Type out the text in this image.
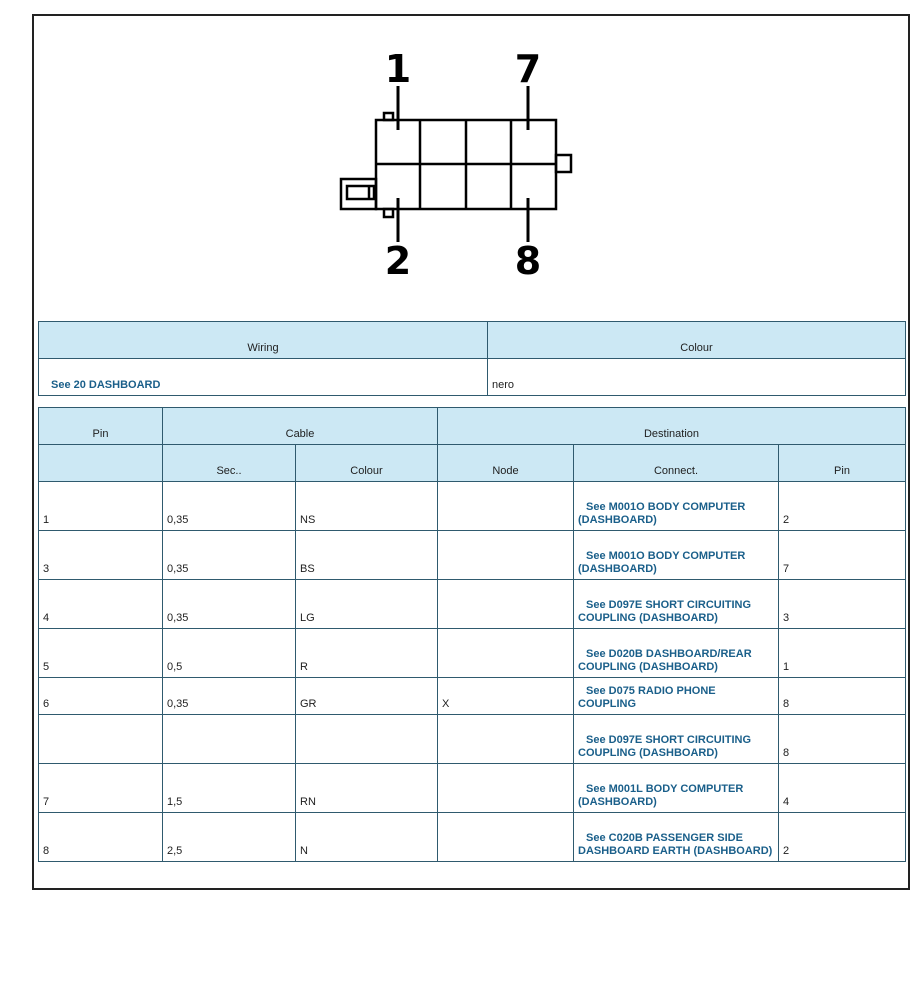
1	7
2	8
Wiring	Colour
See 20 DASHBOARD	nero
Pin	Cable		Destination		
	Sec..	Colour	Node	Connect.	Pin
1	0,35	NS		See M001O BODY COMPUTER (DASHBOARD)	2
3	0,35	BS		See M001O BODY COMPUTER (DASHBOARD)	7
4	0,35	LG		See D097E SHORT CIRCUITING COUPLING (DASHBOARD)	3
5	0,5	R		See D020B DASHBOARD/REAR COUPLING (DASHBOARD)	1
6	0,35	GR	X	See D075 RADIO PHONE COUPLING	8
				See D097E SHORT CIRCUITING COUPLING (DASHBOARD)	8
7	1,5	RN		See M001L BODY COMPUTER (DASHBOARD)	4
8	2,5	N		See C020B PASSENGER SIDE DASHBOARD EARTH (DASHBOARD)	2
